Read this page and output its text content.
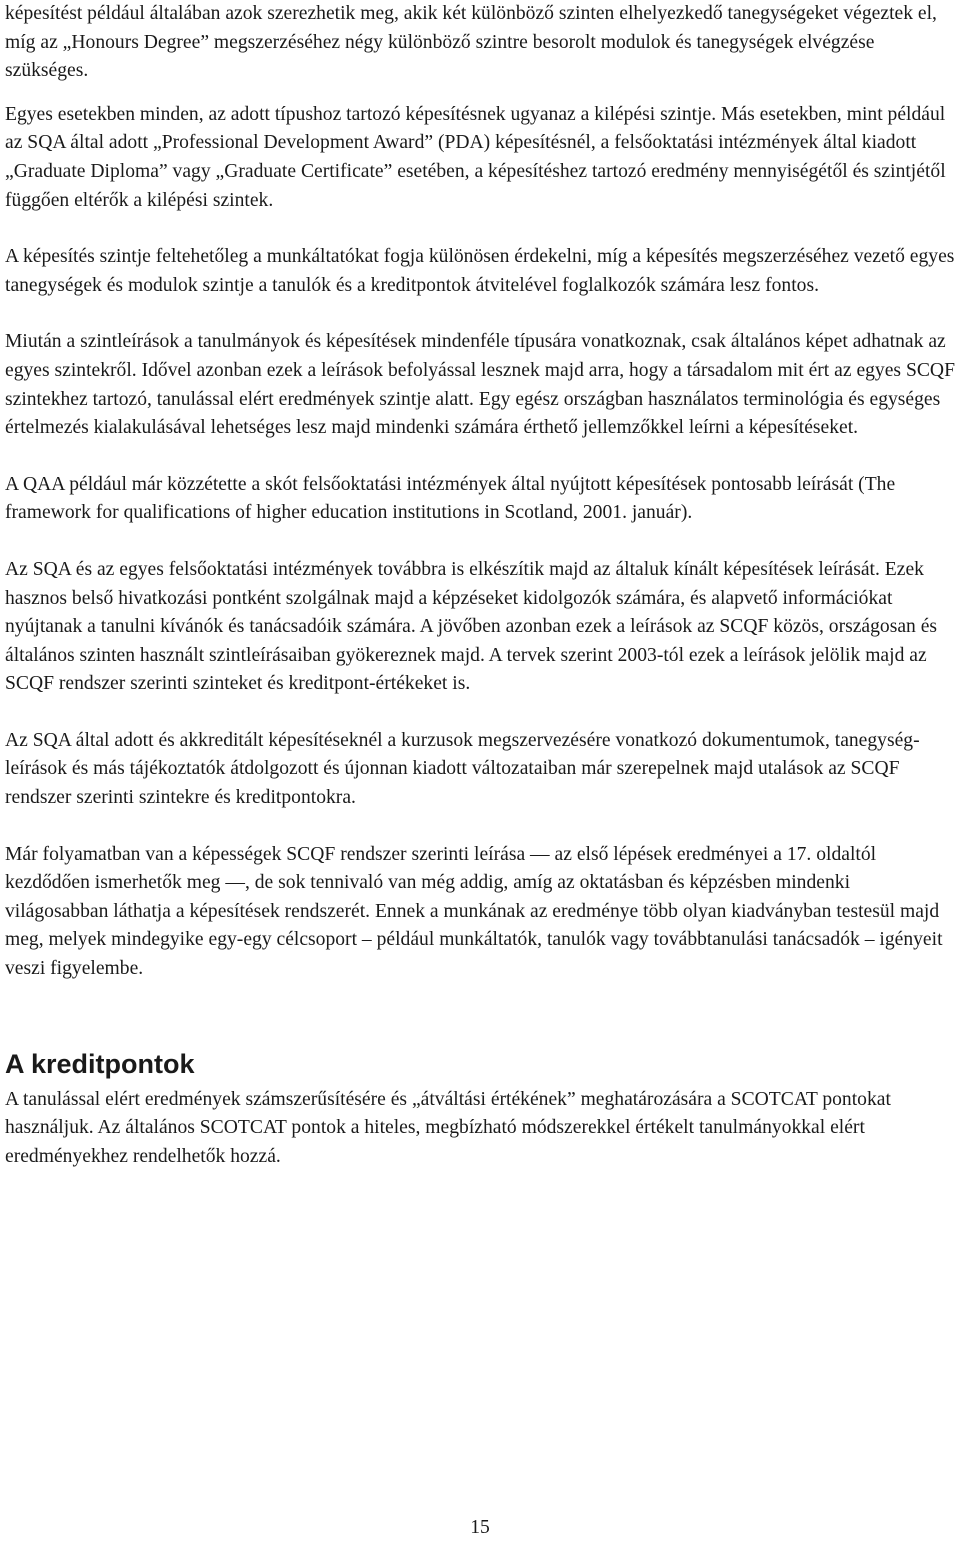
képesítést például általában azok szerezhetik meg, akik két különböző szinten elhelyezkedő tanegységeket végeztek el, míg az „Honours Degree” megszerzéséhez négy különböző szintre besorolt modulok és tanegységek elvégzése szükséges.

Egyes esetekben minden, az adott típushoz tartozó képesítésnek ugyanaz a kilépési szintje. Más esetekben, mint például az SQA által adott „Professional Development Award” (PDA) képesítésnél, a felsőoktatási intézmények által kiadott „Graduate Diploma” vagy „Graduate Certificate” esetében, a képesítéshez tartozó eredmény mennyiségétől és szintjétől függően eltérők a kilépési szintek.

A képesítés szintje feltehetőleg a munkáltatókat fogja különösen érdekelni, míg a képesítés megszerzéséhez vezető egyes tanegységek és modulok szintje a tanulók és a kreditpontok átvitelével foglalkozók számára lesz fontos.

Miután a szintleírások a tanulmányok és képesítések mindenféle típusára vonatkoznak, csak általános képet adhatnak az egyes szintekről. Idővel azonban ezek a leírások befolyással lesznek majd arra, hogy a társadalom mit ért az egyes SCQF szintekhez tartozó, tanulással elért eredmények szintje alatt. Egy egész országban használatos terminológia és egységes értelmezés kialakulásával lehetséges lesz majd mindenki számára érthető jellemzőkkel leírni a képesítéseket.

A QAA például már közzétette a skót felsőoktatási intézmények által nyújtott képesítések pontosabb leírását (The framework for qualifications of higher education institutions in Scotland, 2001. január).

Az SQA és az egyes felsőoktatási intézmények továbbra is elkészítik majd az általuk kínált képesítések leírását. Ezek hasznos belső hivatkozási pontként szolgálnak majd a képzéseket kidolgozók számára, és alapvető információkat nyújtanak a tanulni kívánók és tanácsadóik számára. A jövőben azonban ezek a leírások az SCQF közös, országosan és általános szinten használt szintleírásaiban gyökereznek majd. A tervek szerint 2003-tól ezek a leírások jelölik majd az SCQF rendszer szerinti szinteket és kreditpont-értékeket is.

Az SQA által adott és akkreditált képesítéseknél a kurzusok megszervezésére vonatkozó dokumentumok, tanegység-leírások és más tájékoztatók átdolgozott és újonnan kiadott változataiban már szerepelnek majd utalások az SCQF rendszer szerinti szintekre és kreditpontokra.

Már folyamatban van a képességek SCQF rendszer szerinti leírása ― az első lépések eredményei a 17. oldaltól kezdődően ismerhetők meg ―, de sok tennivaló van még addig, amíg az oktatásban és képzésben mindenki világosabban láthatja a képesítések rendszerét. Ennek a munkának az eredménye több olyan kiadványban testesül majd meg, melyek mindegyike egy-egy célcsoport – például munkáltatók, tanulók vagy továbbtanulási tanácsadók – igényeit veszi figyelembe.

A kreditpontok

A tanulással elért eredmények számszerűsítésére és „átváltási értékének” meghatározására a SCOTCAT pontokat használjuk. Az általános SCOTCAT pontok a hiteles, megbízható módszerekkel értékelt tanulmányokkal elért eredményekhez rendelhetők hozzá.

15
